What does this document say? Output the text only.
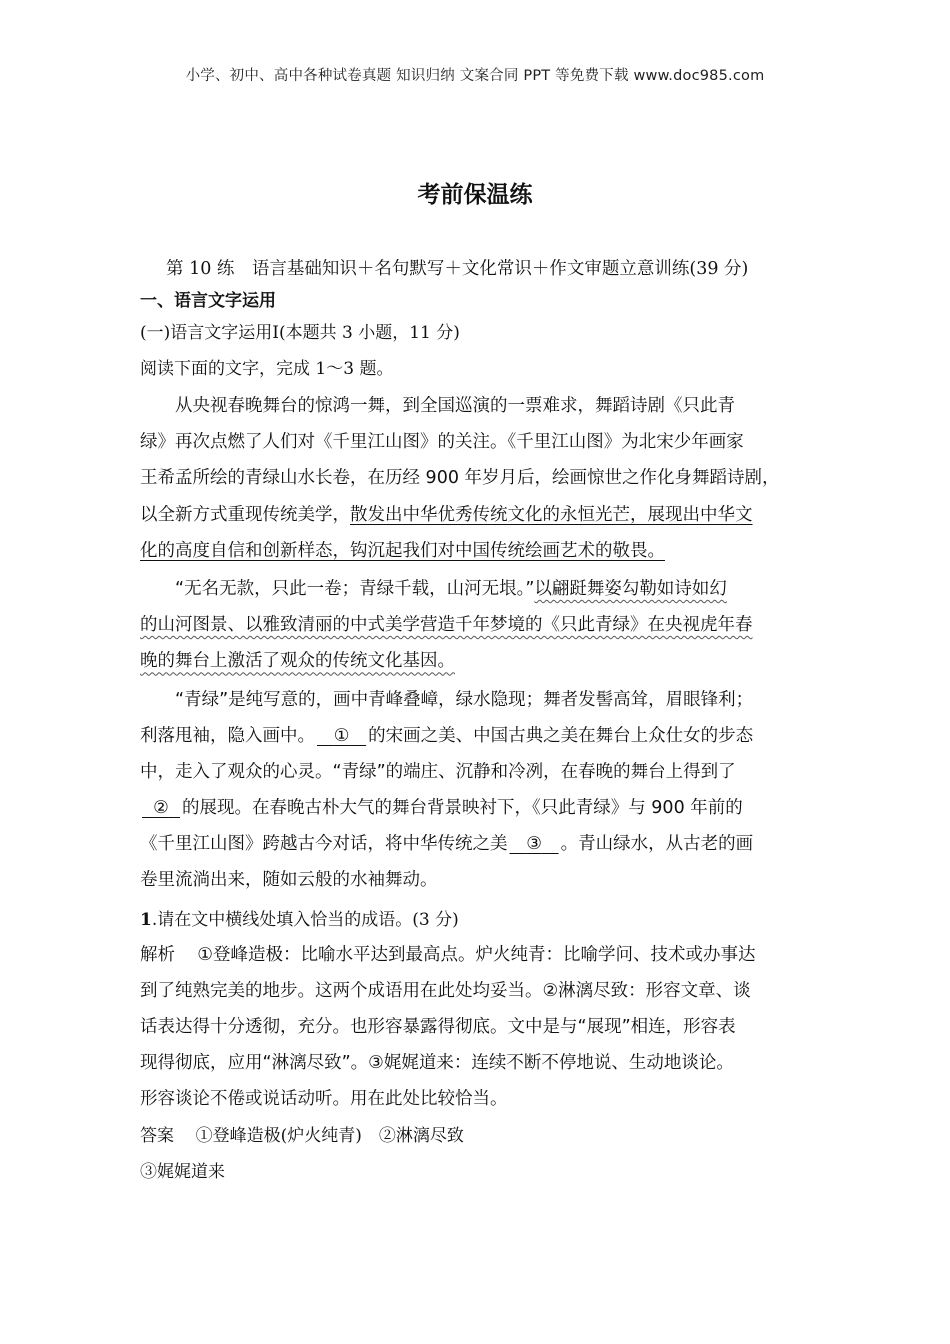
小学、初中、高中各种试卷真题 知识归纳 文案合同 PPT 等免费下载 www.doc985.com
考前保温练
第 10 练　语言基础知识＋名句默写＋文化常识＋作文审题立意训练(39 分)
一、语言文字运用
(一)语言文字运用Ⅰ(本题共 3 小题，11 分)
阅读下面的文字，完成 1～3 题。
从央视春晚舞台的惊鸿一舞，到全国巡演的一票难求，舞蹈诗剧《只此青
绿》再次点燃了人们对《千里江山图》的关注。《千里江山图》为北宋少年画家
王希孟所绘的青绿山水长卷，在历经 900 年岁月后，绘画惊世之作化身舞蹈诗剧，
以全新方式重现传统美学，散发出中华优秀传统文化的永恒光芒，展现出中华文
化的高度自信和创新样态，钩沉起我们对中国传统绘画艺术的敬畏。
“无名无款，只此一卷；青绿千载，山河无垠。”以翩跹舞姿勾勒如诗如幻
的山河图景、以雅致清丽的中式美学营造千年梦境的《只此青绿》在央视虎年春
晚的舞台上激活了观众的传统文化基因。
“青绿”是纯写意的，画中青峰叠嶂，绿水隐现；舞者发髻高耸，眉眼锋利；
利落甩袖，隐入画中。 ① 的宋画之美、中国古典之美在舞台上众仕女的步态
中，走入了观众的心灵。“青绿”的端庄、沉静和冷冽，在春晚的舞台上得到了
② 的展现。在春晚古朴大气的舞台背景映衬下，《只此青绿》与 900 年前的
《千里江山图》跨越古今对话，将中华传统之美 ③ 。青山绿水，从古老的画
卷里流淌出来，随如云般的水袖舞动。
1.请在文中横线处填入恰当的成语。(3 分)
解析 ①登峰造极：比喻水平达到最高点。炉火纯青：比喻学问、技术或办事达
到了纯熟完美的地步。这两个成语用在此处均妥当。②淋漓尽致：形容文章、谈
话表达得十分透彻，充分。也形容暴露得彻底。文中是与“展现”相连，形容表
现得彻底，应用“淋漓尽致”。③娓娓道来：连续不断不停地说、生动地谈论。
形容谈论不倦或说话动听。用在此处比较恰当。
答案 ①登峰造极(炉火纯青)　②淋漓尽致
③娓娓道来
